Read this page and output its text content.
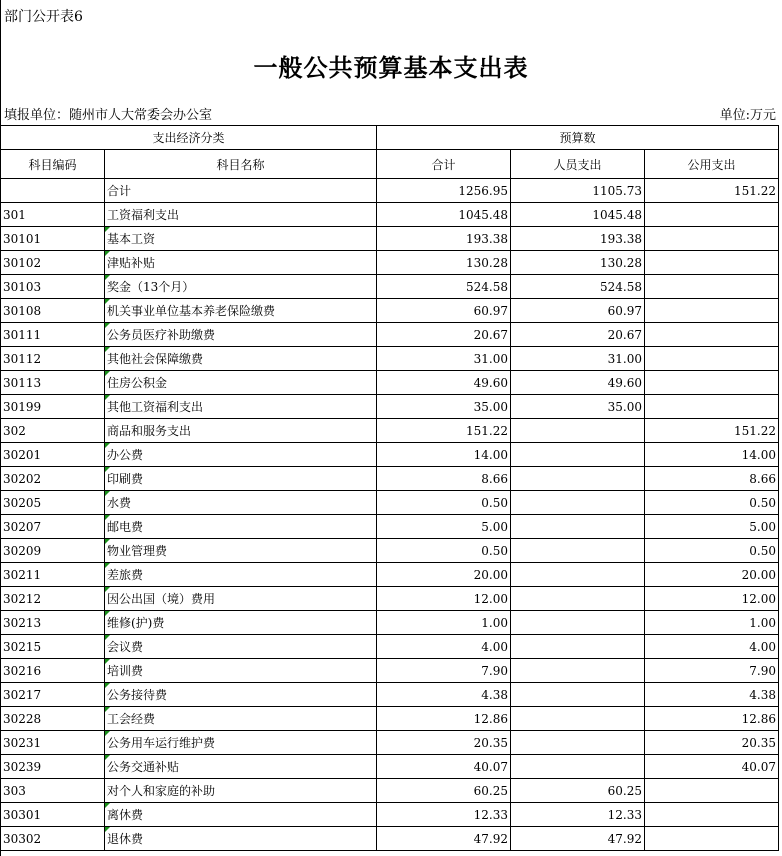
部门公开表6
一般公共预算基本支出表
填报单位：随州市人大常委会办公室	单位:万元
支出经济分类		预算数		
科目编码	科目名称	合计	人员支出	公用支出
	合计	1256.95	1105.73	151.22
301	工资福利支出	1045.48	1045.48	
30101	基本工资	193.38	193.38	
30102	津贴补贴	130.28	130.28	
30103	奖金（13个月）	524.58	524.58	
30108	机关事业单位基本养老保险缴费	60.97	60.97	
30111	公务员医疗补助缴费	20.67	20.67	
30112	其他社会保障缴费	31.00	31.00	
30113	住房公积金	49.60	49.60	
30199	其他工资福利支出	35.00	35.00	
302	商品和服务支出	151.22		151.22
30201	办公费	14.00		14.00
30202	印刷费	8.66		8.66
30205	水费	0.50		0.50
30207	邮电费	5.00		5.00
30209	物业管理费	0.50		0.50
30211	差旅费	20.00		20.00
30212	因公出国（境）费用	12.00		12.00
30213	维修(护)费	1.00		1.00
30215	会议费	4.00		4.00
30216	培训费	7.90		7.90
30217	公务接待费	4.38		4.38
30228	工会经费	12.86		12.86
30231	公务用车运行维护费	20.35		20.35
30239	公务交通补贴	40.07		40.07
303	对个人和家庭的补助	60.25	60.25	
30301	离休费	12.33	12.33	
30302	退休费	47.92	47.92	
